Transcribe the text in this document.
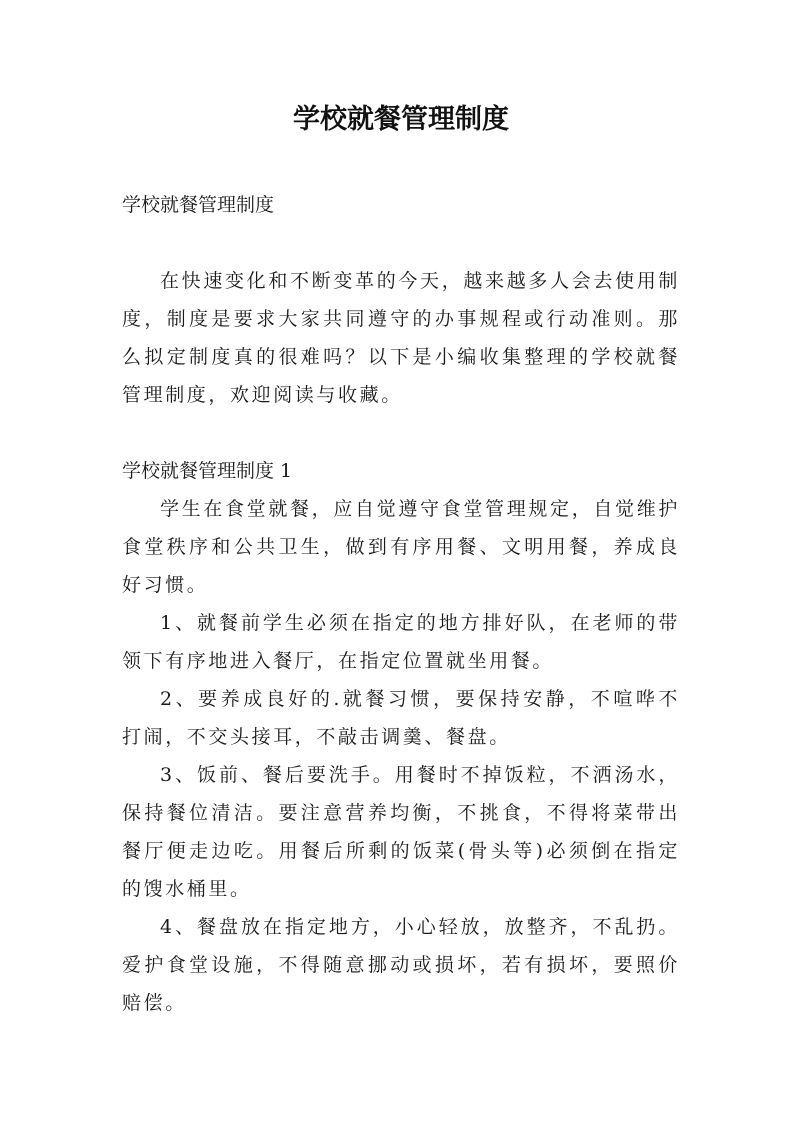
学校就餐管理制度
学校就餐管理制度

在快速变化和不断变革的今天，越来越多人会去使用制度，制度是要求大家共同遵守的办事规程或行动准则。那么拟定制度真的很难吗？以下是小编收集整理的学校就餐管理制度，欢迎阅读与收藏。

学校就餐管理制度 1

学生在食堂就餐，应自觉遵守食堂管理规定，自觉维护食堂秩序和公共卫生，做到有序用餐、文明用餐，养成良好习惯。

1、就餐前学生必须在指定的地方排好队，在老师的带领下有序地进入餐厅，在指定位置就坐用餐。

2、要养成良好的.就餐习惯，要保持安静，不喧哗不打闹，不交头接耳，不敲击调羹、餐盘。

3、饭前、餐后要洗手。用餐时不掉饭粒，不洒汤水，保持餐位清洁。要注意营养均衡，不挑食，不得将菜带出餐厅便走边吃。用餐后所剩的饭菜(骨头等)必须倒在指定的馊水桶里。

4、餐盘放在指定地方，小心轻放，放整齐，不乱扔。爱护食堂设施，不得随意挪动或损坏，若有损坏，要照价赔偿。
